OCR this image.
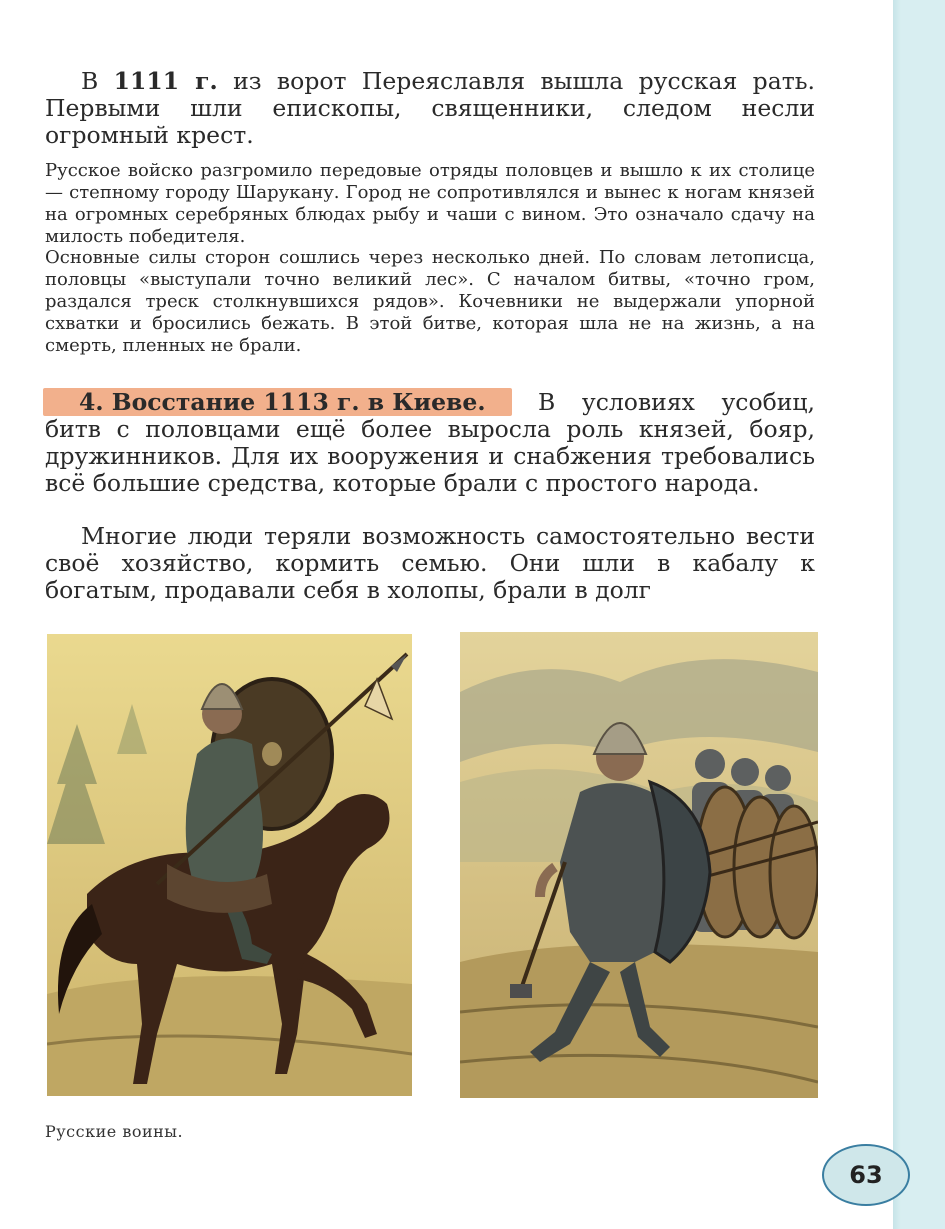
В 1111 г. из ворот Переяславля вышла русская рать. Первыми шли епископы, священники, следом несли огромный крест.

Русское войско разгромило передовые отряды половцев и вышло к их столице — степному городу Шарукану. Город не сопротивлялся и вынес к ногам князей на огромных серебряных блюдах рыбу и чаши с вином. Это означало сдачу на милость победителя.

Основные силы сторон сошлись через несколько дней. По словам летописца, половцы «выступали точно великий лес». С началом битвы, «точно гром, раздался треск столкнувшихся рядов». Кочевники не выдержали упорной схватки и бросились бежать. В этой битве, которая шла не на жизнь, а на смерть, пленных не брали.

4. Восстание 1113 г. в Киеве. В условиях усобиц, битв с половцами ещё более выросла роль князей, бояр, дружинников. Для их вооружения и снабжения требовались всё большие средства, которые брали с простого народа.

Многие люди теряли возможность самостоятельно вести своё хозяйство, кормить семью. Они шли в кабалу к богатым, продавали себя в холопы, брали в долг

Русские воины.
63
